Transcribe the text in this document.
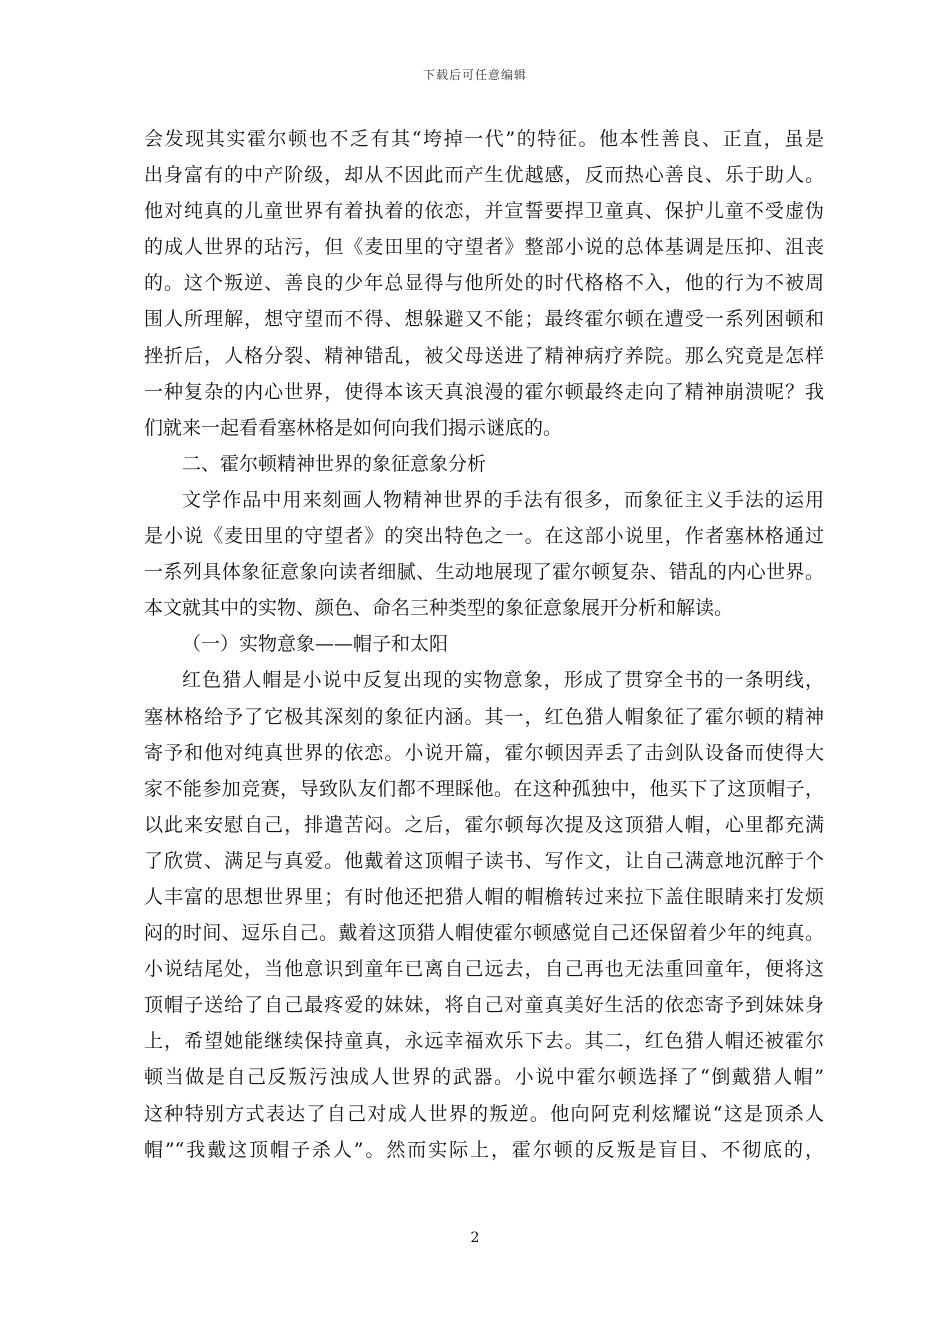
下载后可任意编辑
会发现其实霍尔顿也不乏有其“垮掉一代”的特征。他本性善良、正直，虽是
出身富有的中产阶级，却从不因此而产生优越感，反而热心善良、乐于助人。
他对纯真的儿童世界有着执着的依恋，并宣誓要捍卫童真、保护儿童不受虚伪
的成人世界的玷污，但《麦田里的守望者》整部小说的总体基调是压抑、沮丧
的。这个叛逆、善良的少年总显得与他所处的时代格格不入，他的行为不被周
围人所理解，想守望而不得、想躲避又不能；最终霍尔顿在遭受一系列困顿和
挫折后，人格分裂、精神错乱，被父母送进了精神病疗养院。那么究竟是怎样
一种复杂的内心世界，使得本该天真浪漫的霍尔顿最终走向了精神崩溃呢？我
们就来一起看看塞林格是如何向我们揭示谜底的。
二、霍尔顿精神世界的象征意象分析
文学作品中用来刻画人物精神世界的手法有很多，而象征主义手法的运用
是小说《麦田里的守望者》的突出特色之一。在这部小说里，作者塞林格通过
一系列具体象征意象向读者细腻、生动地展现了霍尔顿复杂、错乱的内心世界。
本文就其中的实物、颜色、命名三种类型的象征意象展开分析和解读。
（一）实物意象——帽子和太阳
红色猎人帽是小说中反复出现的实物意象，形成了贯穿全书的一条明线，
塞林格给予了它极其深刻的象征内涵。其一，红色猎人帽象征了霍尔顿的精神
寄予和他对纯真世界的依恋。小说开篇，霍尔顿因弄丢了击剑队设备而使得大
家不能参加竞赛，导致队友们都不理睬他。在这种孤独中，他买下了这顶帽子，
以此来安慰自己，排遣苦闷。之后，霍尔顿每次提及这顶猎人帽，心里都充满
了欣赏、满足与真爱。他戴着这顶帽子读书、写作文，让自己满意地沉醉于个
人丰富的思想世界里；有时他还把猎人帽的帽檐转过来拉下盖住眼睛来打发烦
闷的时间、逗乐自己。戴着这顶猎人帽使霍尔顿感觉自己还保留着少年的纯真。
小说结尾处，当他意识到童年已离自己远去，自己再也无法重回童年，便将这
顶帽子送给了自己最疼爱的妹妹，将自己对童真美好生活的依恋寄予到妹妹身
上，希望她能继续保持童真，永远幸福欢乐下去。其二，红色猎人帽还被霍尔
顿当做是自己反叛污浊成人世界的武器。小说中霍尔顿选择了“倒戴猎人帽”
这种特别方式表达了自己对成人世界的叛逆。他向阿克利炫耀说“这是顶杀人
帽”“我戴这顶帽子杀人”。然而实际上，霍尔顿的反叛是盲目、不彻底的，
2
